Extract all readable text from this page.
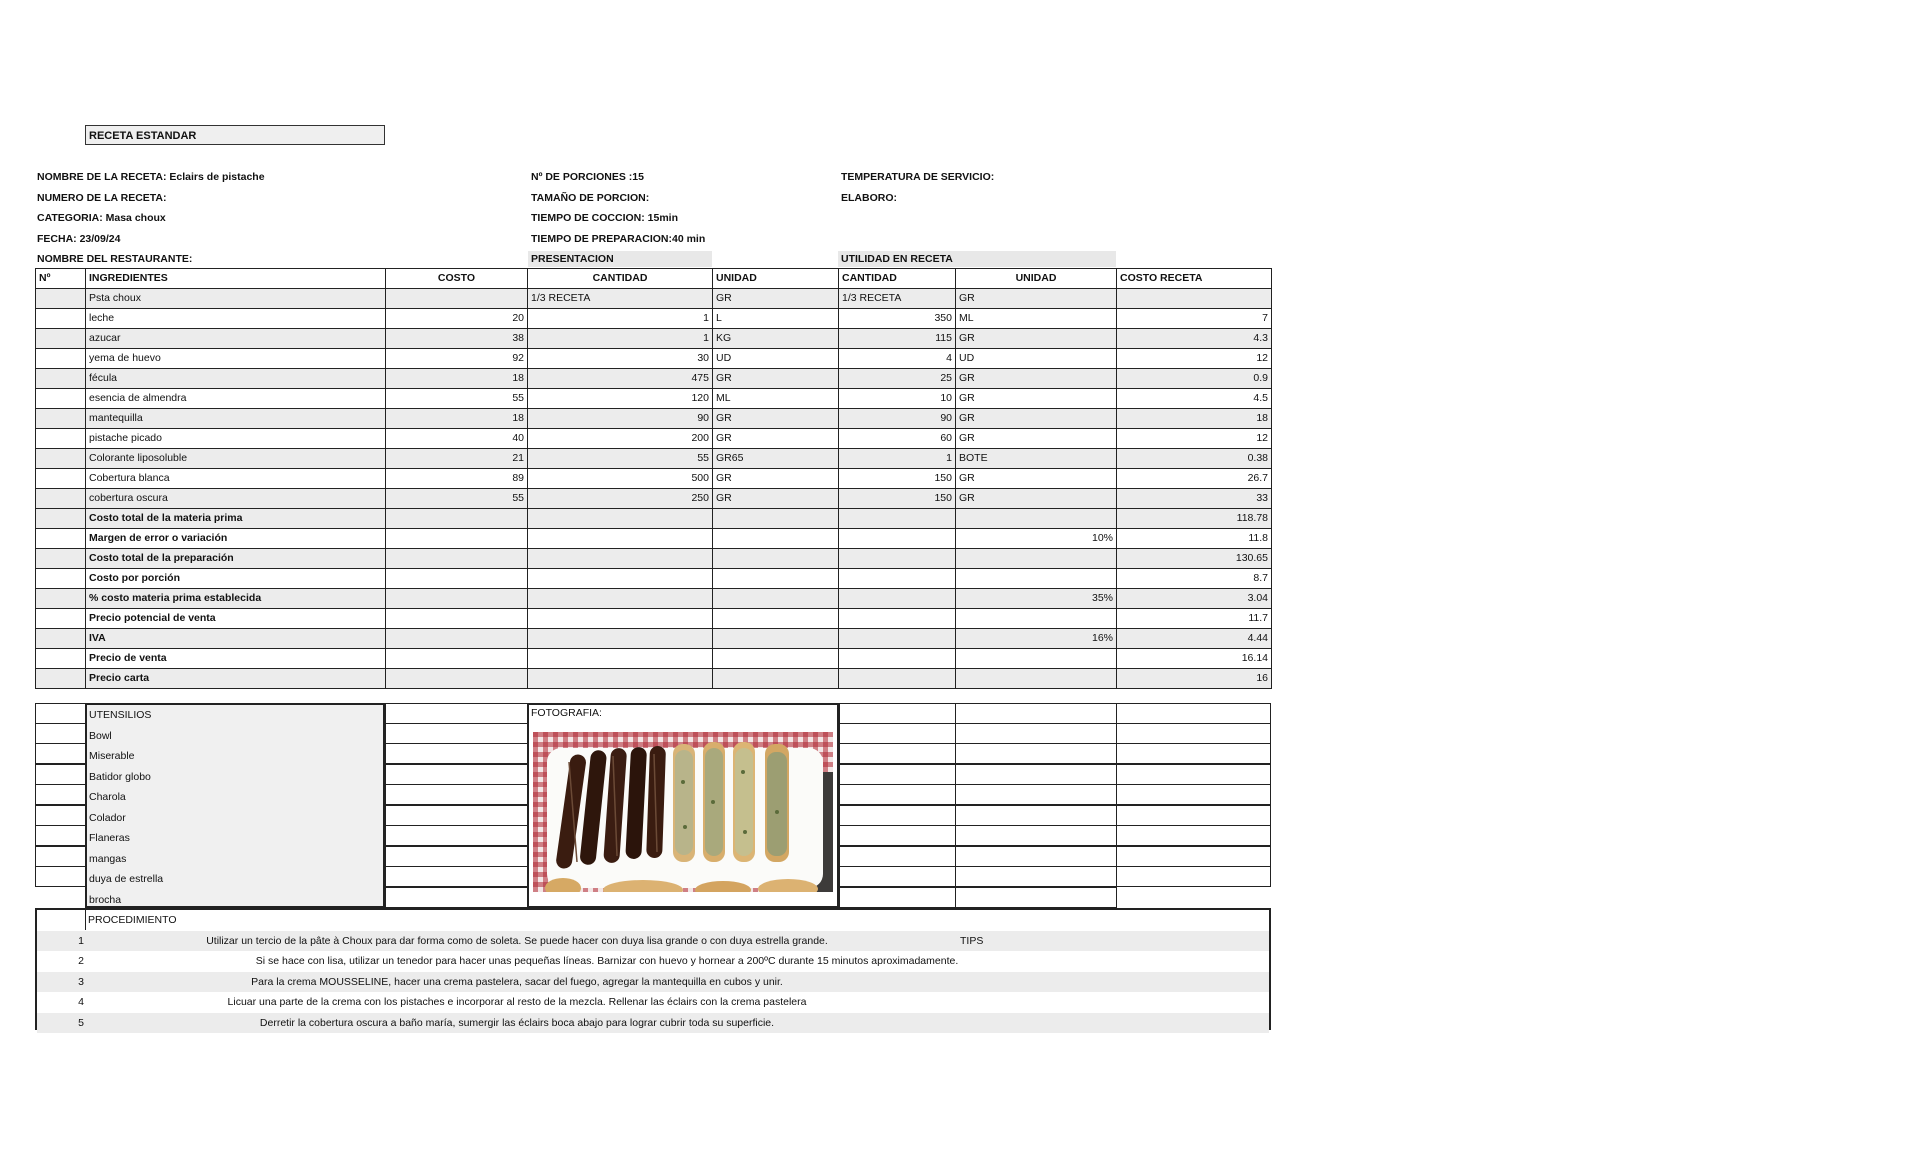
RECETA ESTANDAR
NOMBRE DE LA RECETA: Eclairs de pistache
NUMERO DE LA RECETA:
CATEGORIA: Masa choux
FECHA: 23/09/24
NOMBRE DEL RESTAURANTE:
Nº DE PORCIONES :15
TAMAÑO DE PORCION:
TIEMPO DE COCCION: 15min
TIEMPO DE PREPARACION:40 min
PRESENTACION
TEMPERATURA DE SERVICIO:
ELABORO:
UTILIDAD EN RECETA
Nº	INGREDIENTES	COSTO	CANTIDAD	UNIDAD	CANTIDAD	UNIDAD	COSTO RECETA
	Psta choux		1/3 RECETA	GR	1/3 RECETA	GR	
	leche	20	1	L	350	ML	7
	azucar	38	1	KG	115	GR	4.3
	yema de huevo	92	30	UD	4	UD	12
	fécula	18	475	GR	25	GR	0.9
	esencia de almendra	55	120	ML	10	GR	4.5
	mantequilla	18	90	GR	90	GR	18
	pistache picado	40	200	GR	60	GR	12
	Colorante liposoluble	21	55	GR65	1	BOTE	0.38
	Cobertura blanca	89	500	GR	150	GR	26.7
	cobertura oscura	55	250	GR	150	GR	33
	Costo total de la materia prima						118.78
	Margen de error o variación					10%	11.8
	Costo total de la preparación						130.65
	Costo por porción						8.7
	% costo materia prima establecida					35%	3.04
	Precio potencial de venta						11.7
	IVA					16%	4.44
	Precio de venta						16.14
	Precio carta						16
UTENSILIOS
Bowl
Miserable
Batidor globo
Charola
Colador
Flaneras
mangas
duya de estrella
brocha
FOTOGRAFIA:
PROCEDIMIENTO
1	Utilizar un tercio de la pâte à Choux para dar forma como de soleta. Se puede hacer con duya lisa grande o con duya estrella grande.	TIPS
2	Si se hace con lisa, utilizar un tenedor para hacer unas pequeñas líneas. Barnizar con huevo y hornear a 200ºC durante 15 minutos aproximadamente.
3	Para la crema MOUSSELINE, hacer una crema pastelera, sacar del fuego, agregar la mantequilla en cubos y unir.
4	Licuar una parte de la crema con los pistaches e incorporar al resto de la mezcla. Rellenar las éclairs con la crema pastelera
5	Derretir la cobertura oscura a baño maría, sumergir las éclairs boca abajo para lograr cubrir toda su superficie.
